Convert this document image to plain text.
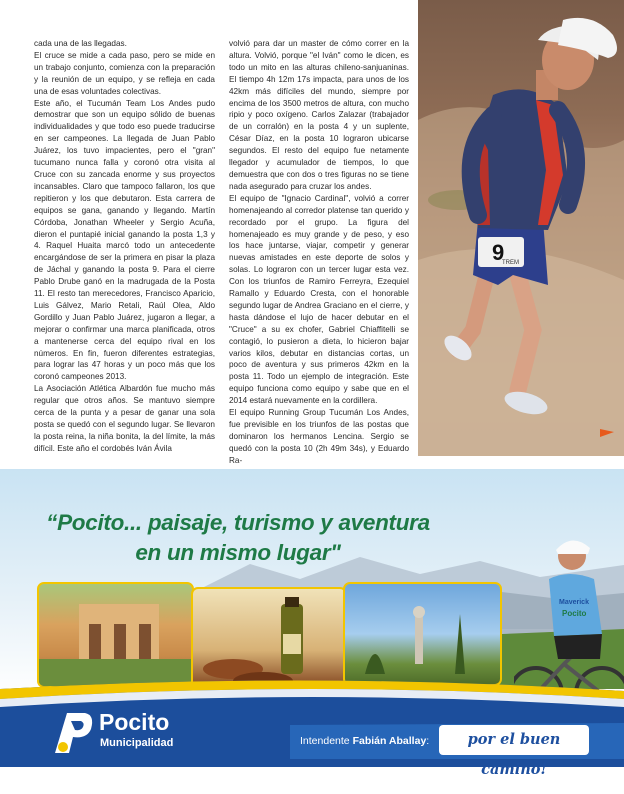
cada una de las llegadas.

El cruce se mide a cada paso, pero se mide en un trabajo conjunto, comienza con la preparación y la reunión de un equipo, y se refleja en cada una de esas voluntades colectivas.

Este año, el Tucumán Team Los Andes pudo demostrar que son un equipo sólido de buenas individualidades y que todo eso puede traducirse en ser campeones. La llegada de Juan Pablo Juárez, los tuvo impacientes, pero el "gran" tucumano nunca falla y coronó otra visita al Cruce con su zancada enorme y sus proyectos incansables. Claro que tampoco fallaron, los que repitieron y los que debutaron. Esta carrera de equipos se gana, ganando y llegando. Martín Córdoba, Jonathan Wheeler y Sergio Acuña, dieron el puntapié inicial ganando la posta 1,3 y 4. Raquel Huaita marcó todo un antecedente encargándose de ser la primera en pisar la plaza de Jáchal y ganando la posta 9. Para el cierre Pablo Drube ganó en la madrugada de la Posta 11. El resto tan merecedores, Francisco Aparicio, Luis Gálvez, Mario Retali, Raúl Olea, Aldo Gordillo y Juan Pablo Juárez, jugaron a llegar, a mejorar o confirmar una marca planificada, otros a mantenerse cerca del equipo rival en los números. En fin, fueron diferentes estrategias, para lograr las 47 horas y un poco más que los coronó campeones 2013.

La Asociación Atlética Albardón fue mucho más regular que otros años. Se mantuvo siempre cerca de la punta y a pesar de ganar una sola posta se quedó con el segundo lugar. Se llevaron la posta reina, la niña bonita, la del límite, la más difícil. Este año el cordobés Iván Ávila

volvió para dar un master de cómo correr en la altura. Volvió, porque "el Iván" como le dicen, es todo un mito en las alturas chileno-sanjuaninas. El tiempo 4h 12m 17s impacta, para unos de los 42km más difíciles del mundo, siempre por encima de los 3500 metros de altura, con mucho ripio y poco oxígeno. Carlos Zalazar (trabajador de un corralón) en la posta 4 y un suplente, César Díaz, en la posta 10 lograron ubicarse segundos. El resto del equipo fue netamente llegador y acumulador de tiempos, lo que demuestra que con dos o tres figuras no se tiene nada asegurado para cruzar los andes.

El equipo de "Ignacio Cardinal", volvió a correr homenajeando al corredor platense tan querido y recordado por el grupo. La figura del homenajeado es muy grande y de peso, y eso los hace juntarse, viajar, competir y generar nuevas amistades en este deporte de solos y solas. Lo lograron con un tercer lugar esta vez. Con los triunfos de Ramiro Ferreyra, Ezequiel Ramallo y Eduardo Cresta, con el honorable segundo lugar de Andrea Graciano en el cierre, y hasta dándose el lujo de hacer debutar en el "Cruce" a su ex chofer, Gabriel Chiaffitelli se contagió, lo pusieron a dieta, lo hicieron bajar varios kilos, debutar en distancias cortas, un poco de aventura y sus primeros 42km en la posta 11. Todo un ejemplo de integración. Este equipo funciona como equipo y sabe que en el 2014 estará nuevamente en la cordillera.

El equipo Running Group Tucumán Los Andes, fue previsible en los triunfos de las postas que dominaron los hermanos Lencina. Sergio se quedó con la posta 10 (2h 49m 34s), y Eduardo Ra-

9
TREM
“Pocito... paisaje, turismo y aventura
en un mismo lugar"
Maverick
Pocito
Pocito
Municipalidad	Intendente Fabián Aballay:	por el buen camino!
